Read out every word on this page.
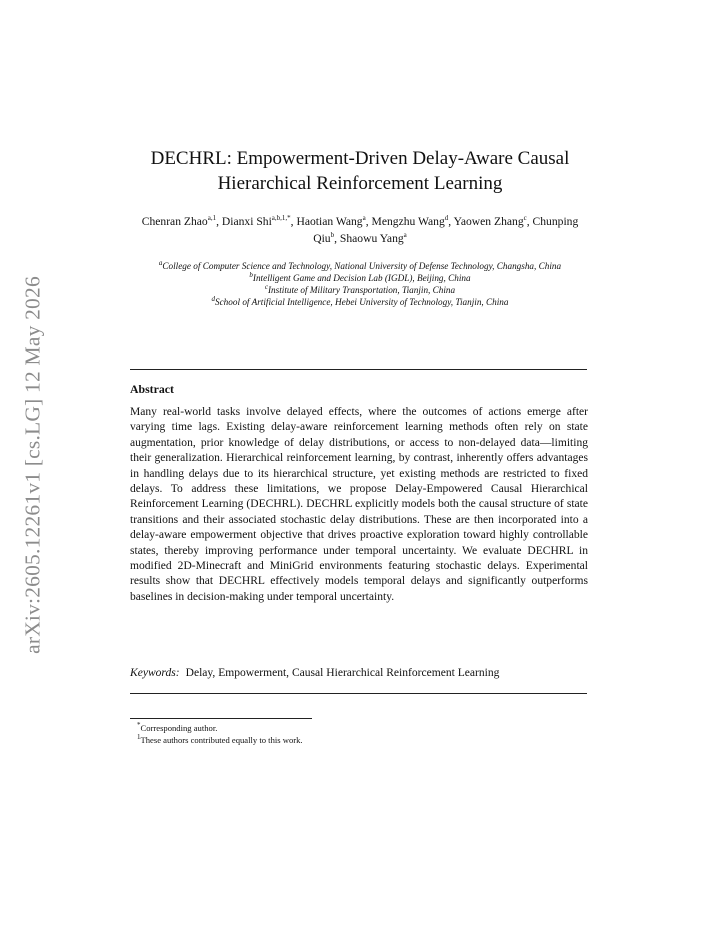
arXiv:2605.12261v1 [cs.LG] 12 May 2026
DECHRL: Empowerment-Driven Delay-Aware Causal
Hierarchical Reinforcement Learning
Chenran Zhao$^{a,1}$, Dianxi Shi$^{a,b,1,*}$, Haotian Wang$^a$, Mengzhu Wang$^d$, Yaowen Zhang$^c$, Chunping Qiu$^b$, Shaowu Yang$^a$
$^a$College of Computer Science and Technology, National University of Defense Technology, Changsha, China
$^b$Intelligent Game and Decision Lab (IGDL), Beijing, China
$^c$Institute of Military Transportation, Tianjin, China
$^d$School of Artificial Intelligence, Hebei University of Technology, Tianjin, China
Abstract

Many real-world tasks involve delayed effects, where the outcomes of actions emerge after varying time lags. Existing delay-aware reinforcement learning methods often rely on state augmentation, prior knowledge of delay distributions, or access to non-delayed data—limiting their generalization. Hierarchical reinforcement learning, by contrast, inherently offers advantages in handling delays due to its hierarchical structure, yet existing methods are restricted to fixed delays. To address these limitations, we propose Delay-Empowered Causal Hierarchical Reinforcement Learning (DECHRL). DECHRL explicitly models both the causal structure of state transitions and their associated stochastic delay distributions. These are then incorporated into a delay-aware empowerment objective that drives proactive exploration toward highly controllable states, thereby improving performance under temporal uncertainty. We evaluate DECHRL in modified 2D-Minecraft and MiniGrid environments featuring stochastic delays. Experimental results show that DECHRL effectively models temporal delays and significantly outperforms baselines in decision-making under temporal uncertainty.

Keywords: Delay, Empowerment, Causal Hierarchical Reinforcement Learning
*Corresponding author.
$^1$These authors contributed equally to this work.
